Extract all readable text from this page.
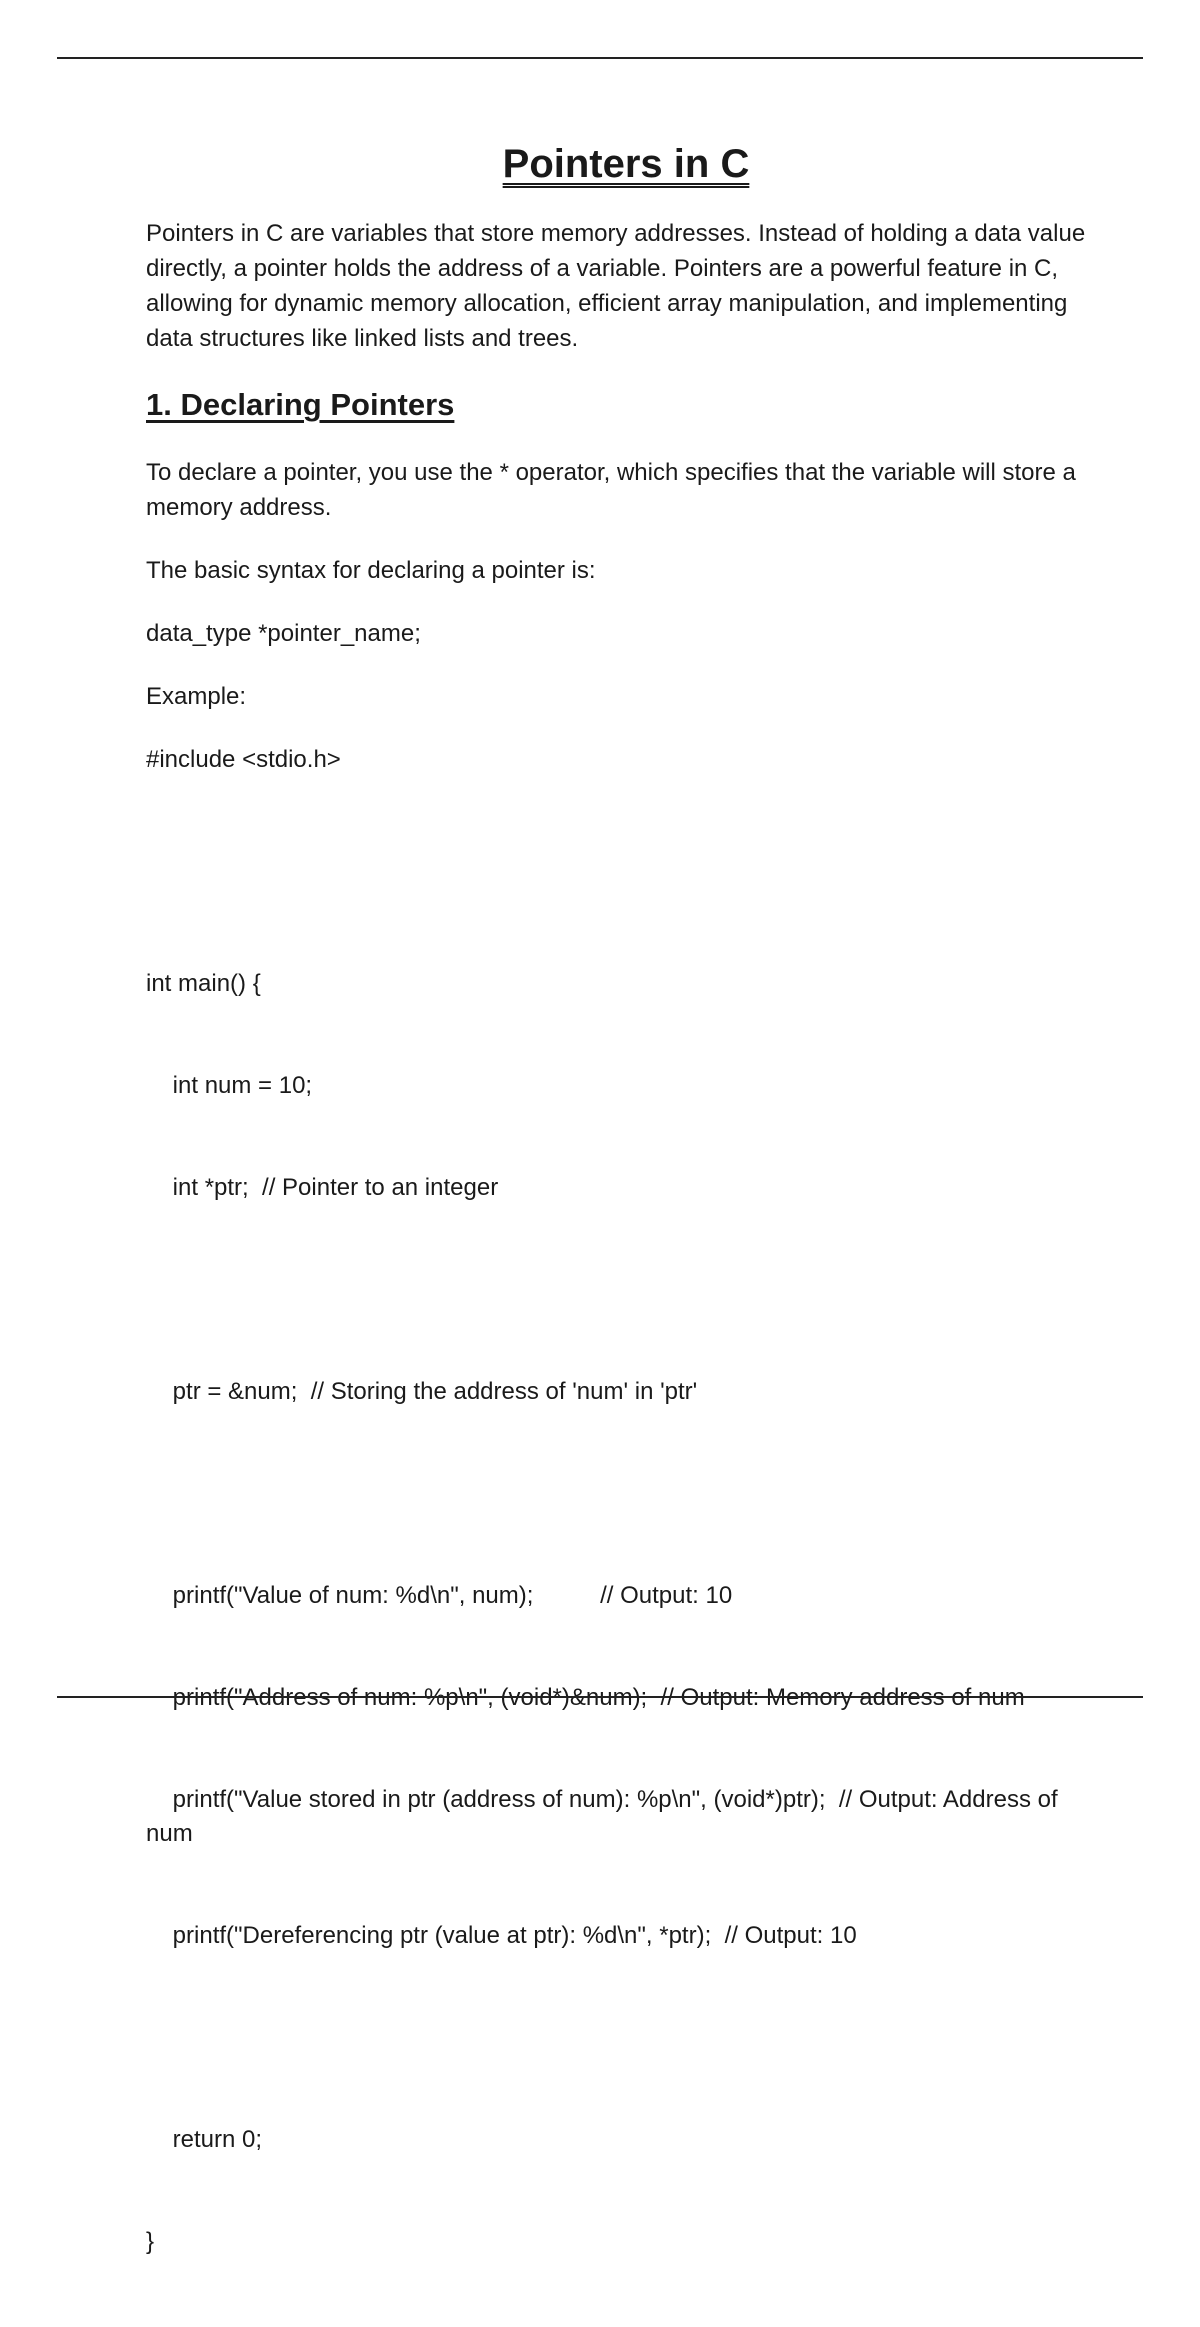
Pointers in C

Pointers in C are variables that store memory addresses. Instead of holding a data value directly, a pointer holds the address of a variable. Pointers are a powerful feature in C, allowing for dynamic memory allocation, efficient array manipulation, and implementing data structures like linked lists and trees.

1. Declaring Pointers

To declare a pointer, you use the * operator, which specifies that the variable will store a memory address.

The basic syntax for declaring a pointer is:

data_type *pointer_name;

Example:

#include <stdio.h>

int main() {

int num = 10;

int *ptr;  // Pointer to an integer

ptr = &num;  // Storing the address of 'num' in 'ptr'

printf("Value of num: %d\n", num);          // Output: 10

printf("Address of num: %p\n", (void*)&num);  // Output: Memory address of num

printf("Value stored in ptr (address of num): %p\n", (void*)ptr);  // Output: Address of num

printf("Dereferencing ptr (value at ptr): %d\n", *ptr);  // Output: 10

return 0;

}
